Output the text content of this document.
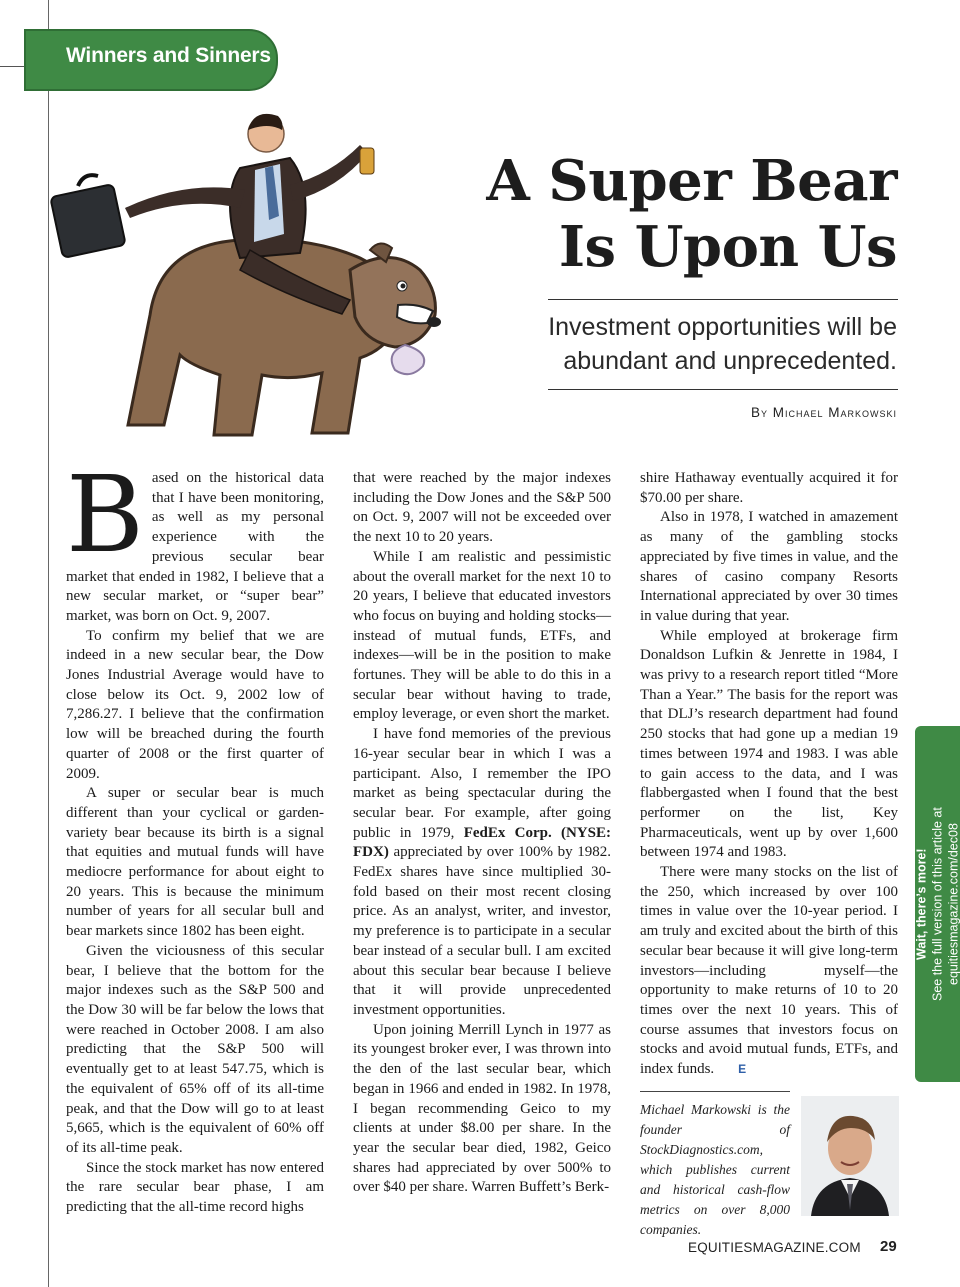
Winners and Sinners
A Super Bear
Is Upon Us
Investment opportunities will be
abundant and unprecedented.
By Michael Markowski

Based on the historical data that I have been monitoring, as well as my personal experience with the previous secular bear market that ended in 1982, I believe that a new secular market, or “super bear” market, was born on Oct. 9, 2007.

To confirm my belief that we are indeed in a new secular bear, the Dow Jones Industrial Average would have to close below its Oct. 9, 2002 low of 7,286.27. I believe that the confirmation low will be breached during the fourth quarter of 2008 or the first quarter of 2009.

A super or secular bear is much different than your cyclical or garden-variety bear because its birth is a signal that equities and mutual funds will have mediocre performance for about eight to 20 years. This is because the minimum number of years for all secular bull and bear markets since 1802 has been eight.

Given the viciousness of this secular bear, I believe that the bottom for the major indexes such as the S&P 500 and the Dow 30 will be far below the lows that were reached in October 2008. I am also predicting that the S&P 500 will eventually get to at least 547.75, which is the equivalent of 65% off of its all-time peak, and that the Dow will go to at least 5,665, which is the equivalent of 60% off of its all-time peak.

Since the stock market has now entered the rare secular bear phase, I am predicting that the all-time record highs

that were reached by the major indexes including the Dow Jones and the S&P 500 on Oct. 9, 2007 will not be exceeded over the next 10 to 20 years.

While I am realistic and pessimistic about the overall market for the next 10 to 20 years, I believe that educated investors who focus on buying and holding stocks—instead of mutual funds, ETFs, and indexes—will be in the position to make fortunes. They will be able to do this in a secular bear without having to trade, employ leverage, or even short the market.

I have fond memories of the previous 16-year secular bear in which I was a participant. Also, I remember the IPO market as being spectacular during the secular bear. For example, after going public in 1979, FedEx Corp. (NYSE: FDX) appreciated by over 100% by 1982. FedEx shares have since multiplied 30-fold based on their most recent closing price. As an analyst, writer, and investor, my preference is to participate in a secular bear instead of a secular bull. I am excited about this secular bear because I believe that it will provide unprecedented investment opportunities.

Upon joining Merrill Lynch in 1977 as its youngest broker ever, I was thrown into the den of the last secular bear, which began in 1966 and ended in 1982. In 1978, I began recommending Geico to my clients at under $8.00 per share. In the year the secular bear died, 1982, Geico shares had appreciated by over 500% to over $40 per share. Warren Buffett’s Berk-

shire Hathaway eventually acquired it for $70.00 per share.

Also in 1978, I watched in amazement as many of the gambling stocks appreciated by five times in value, and the shares of casino company Resorts International appreciated by over 30 times in value during that year.

While employed at brokerage firm Donaldson Lufkin & Jenrette in 1984, I was privy to a research report titled “More Than a Year.” The basis for the report was that DLJ’s research department had found 250 stocks that had gone up a median 19 times between 1974 and 1983. I was able to gain access to the data, and I was flabbergasted when I found that the best performer on the list, Key Pharmaceuticals, went up by over 1,600 between 1974 and 1983.

There were many stocks on the list of the 250, which increased by over 100 times in value over the 10-year period. I am truly and excited about the birth of this secular bear because it will give long-term investors—including myself—the opportunity to make returns of 10 to 20 times over the next 10 years. This of course assumes that investors focus on stocks and avoid mutual funds, ETFs, and index funds. E

Michael Markowski is the founder of StockDiagnostics.com, which publishes current and historical cash-flow metrics on over 8,000 companies.
Wait, there’s more! See the full version of this article at equitiesmagazine.com/dec08
EQUITIESMAGAZINE.COM 29
